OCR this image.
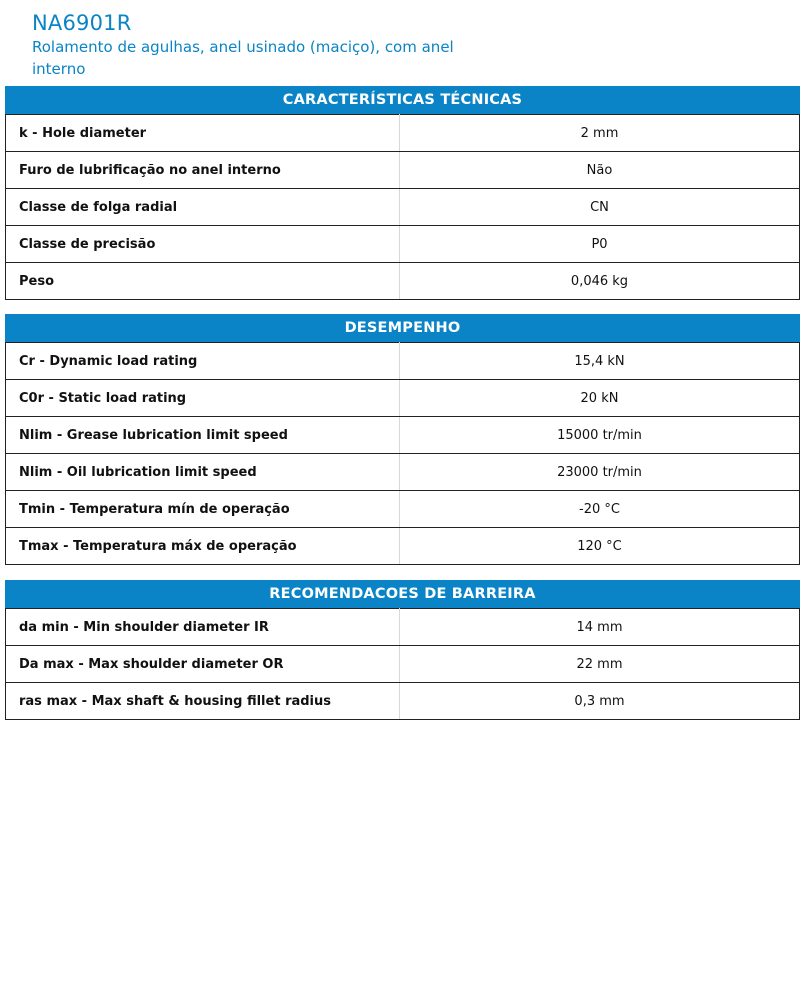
NA6901R
Rolamento de agulhas, anel usinado (maciço), com anel interno
CARACTERÍSTICAS TÉCNICAS
k - Hole diameter	2 mm
Furo de lubrificação no anel interno	Não
Classe de folga radial	CN
Classe de precisão	P0
Peso	0,046 kg
DESEMPENHO
Cr - Dynamic load rating	15,4 kN
C0r - Static load rating	20 kN
Nlim - Grease lubrication limit speed	15000 tr/min
Nlim - Oil lubrication limit speed	23000 tr/min
Tmin - Temperatura mín de operação	-20 °C
Tmax - Temperatura máx de operação	120 °C
RECOMENDACOES DE BARREIRA
da min - Min shoulder diameter IR	14 mm
Da max - Max shoulder diameter OR	22 mm
ras max - Max shaft & housing fillet radius	0,3 mm
